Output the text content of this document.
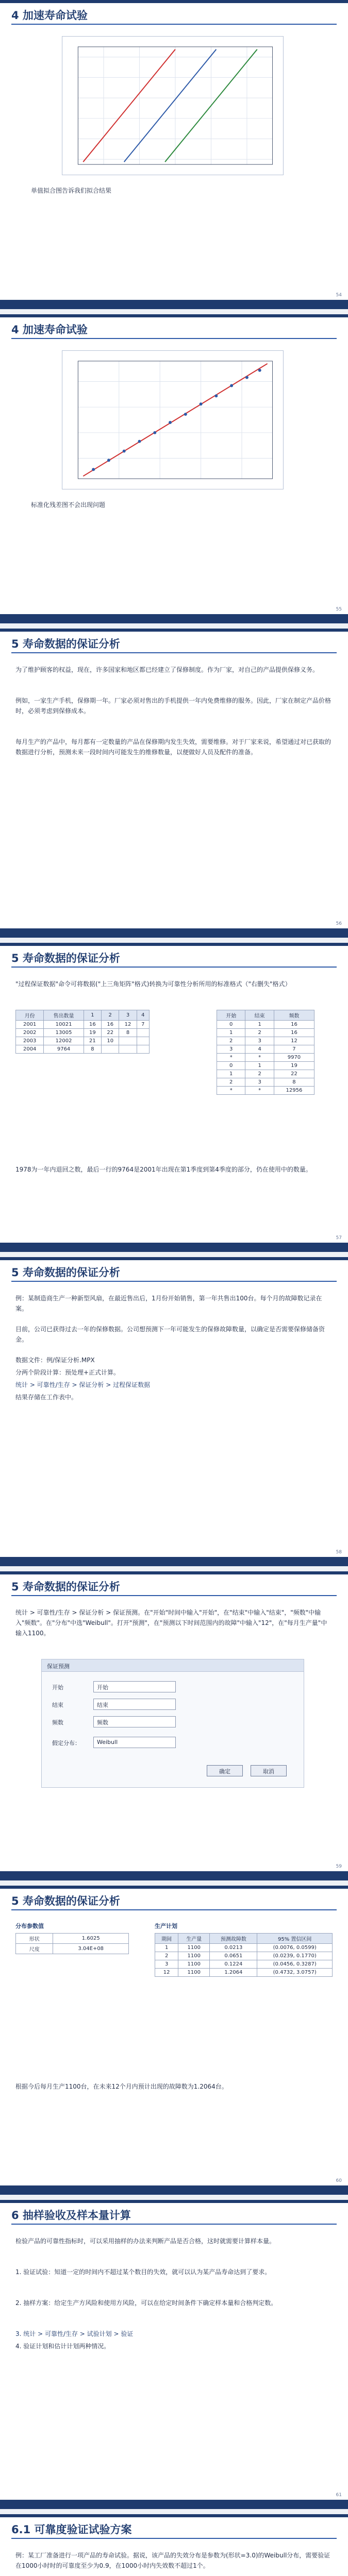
4 加速寿命试验
单值拟合图告诉我们拟合结果
54
4 加速寿命试验
标准化残差图不会出现问题
55
5 寿命数据的保证分析
为了维护顾客的权益，现在，许多国家和地区都已经建立了保修制度。作为厂家，对自己的产品提供保修义务。
例如，一家生产手机，保修期一年。厂家必须对售出的手机提供一年内免费维修的服务。因此，厂家在制定产品价格时，必须考虑到保修成本。
每月生产的产品中，每月都有一定数量的产品在保修期内发生失效，需要维修。对于厂家来说，希望通过对已获取的数据进行分析，预测未来一段时间内可能发生的维修数量，以便做好人员及配件的准备。
56
5 寿命数据的保证分析
"过程保证数据"命令可将数据("上三角矩阵"格式)转换为可靠性分析所用的标准格式（"右删失"格式）
月份	售出数量	1	2	3	4
2001	10021	16	16	12	7
2002	13005	19	22	8	
2003	12002	21	10		
2004	9764	8			
开始	结束	频数
0	1	16
1	2	16
2	3	12
3	4	7
*	*	9970
0	1	19
1	2	22
2	3	8
*	*	12956
1978为一年内退回之数，最后一行的9764是2001年出现在第1季度到第4季度的部分，仍在使用中的数量。
57
5 寿命数据的保证分析
例：某制造商生产一种新型风扇，在最近售出后，1月份开始销售，第一年共售出100台。每个月的故障数记录在案。
目前，公司已获得过去一年的保修数据。公司想预测下一年可能发生的保修故障数量，以确定是否需要保修储备资金。
数据文件：例/保证分析.MPX
分两个阶段计算：预处理+正式计算。
统计 > 可靠性/生存 > 保证分析 > 过程保证数据
结果存储在工作表中。
58
5 寿命数据的保证分析
统计 > 可靠性/生存 > 保证分析 > 保证预测。在"开始"时间中输入"开始"，在"结束"中输入"结束"，"频数"中输入"频数"。在"分布"中选"Weibull"。打开"预测"，在"预测以下时间范围内的故障"中输入"12"，在"每月生产量"中输入1100。
保证预测
开始	开始
结束	结束
频数	频数
假定分布：	Weibull
确定	取消
59
5 寿命数据的保证分析
分布参数值
形状	1.6025
尺度	3.04E+08
生产计划
期间	生产量	预测故障数	95% 置信区间
1	1100	0.0213	(0.0076, 0.0599)
2	1100	0.0651	(0.0239, 0.1770)
3	1100	0.1224	(0.0456, 0.3287)
12	1100	1.2064	(0.4732, 3.0757)
根据今后每月生产1100台，在未来12个月内预计出现的故障数为1.2064台。
60
6 抽样验收及样本量计算
检验产品的可靠性指标时，可以采用抽样的办法来判断产品是否合格，这时就需要计算样本量。
1. 验证试验：知道一定的时间内不超过某个数目的失效，就可以认为某产品寿命达到了要求。
2. 抽样方案：给定生产方风险和使用方风险，可以在给定时间条件下确定样本量和合格判定数。
3. 统计 > 可靠性/生存 > 试验计划 > 验证
4. 验证计划和估计计划两种情况。
61
6.1 可靠度验证试验方案
例：某工厂准备进行一项产品的寿命试验。据说，该产品的失效分布是参数为(形状=3.0)的Weibull分布，需要验证在1000小时时的可靠度至少为0.9，在1000小时内失效数不超过1个。
